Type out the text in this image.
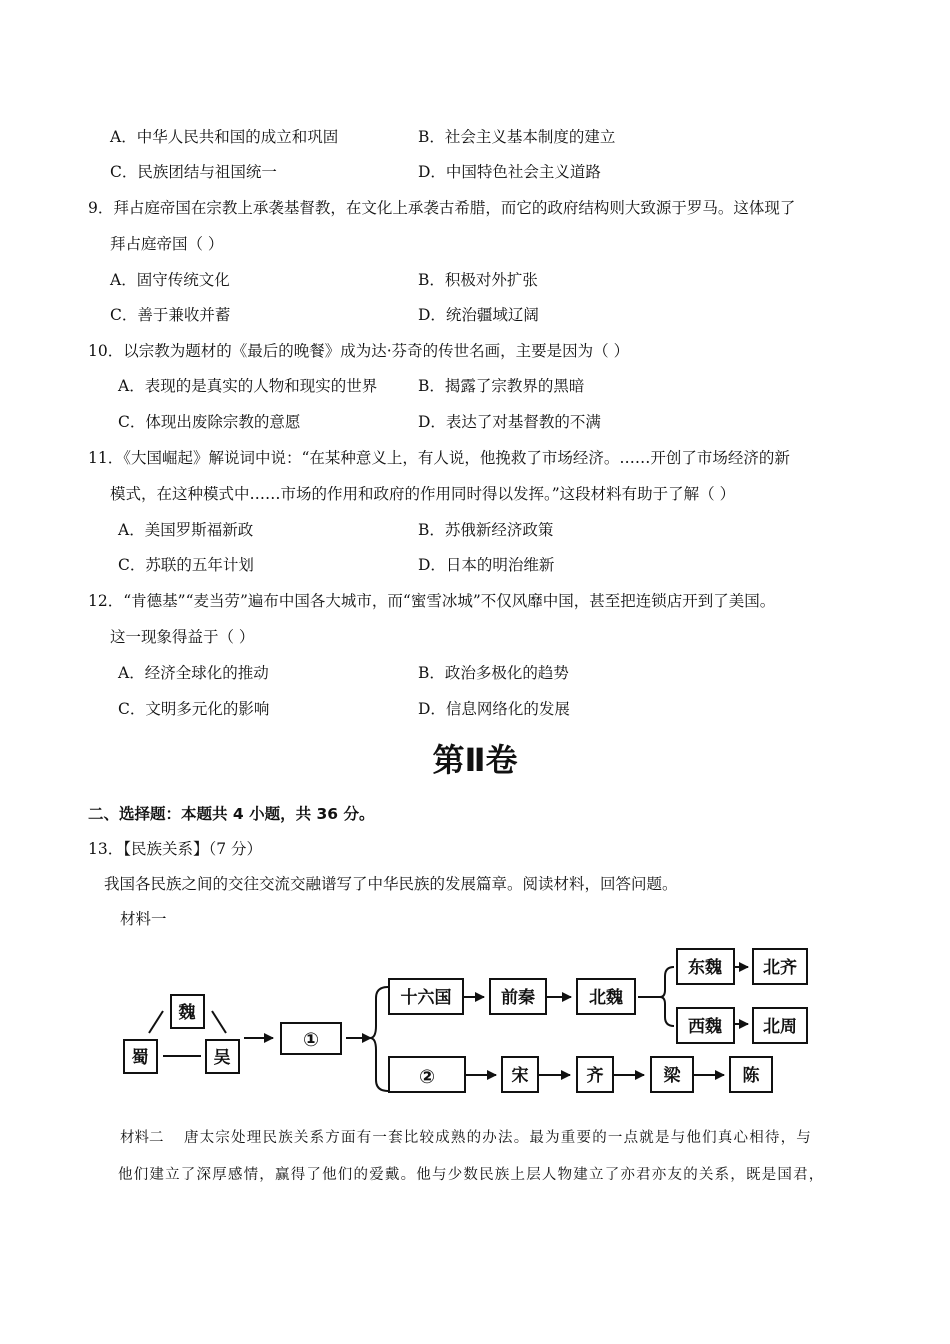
A．中华人民共和国的成立和巩固	B．社会主义基本制度的建立
C．民族团结与祖国统一	D．中国特色社会主义道路
9．拜占庭帝国在宗教上承袭基督教，在文化上承袭古希腊，而它的政府结构则大致源于罗马。这体现了
拜占庭帝国（ ）
A．固守传统文化	B．积极对外扩张
C．善于兼收并蓄	D．统治疆域辽阔
10．以宗教为题材的《最后的晚餐》成为达·芬奇的传世名画，主要是因为（ ）
A．表现的是真实的人物和现实的世界	B．揭露了宗教界的黑暗
C．体现出废除宗教的意愿	D．表达了对基督教的不满
11．《大国崛起》解说词中说：“在某种意义上，有人说，他挽救了市场经济。……开创了市场经济的新
模式，在这种模式中……市场的作用和政府的作用同时得以发挥。”这段材料有助于了解（ ）
A．美国罗斯福新政	B．苏俄新经济政策
C．苏联的五年计划	D．日本的明治维新
12．“肯德基”“麦当劳”遍布中国各大城市，而“蜜雪冰城”不仅风靡中国，甚至把连锁店开到了美国。
这一现象得益于（ ）
A．经济全球化的推动	B．政治多极化的趋势
C．文明多元化的影响	D．信息网络化的发展
第Ⅱ卷
二、选择题：本题共 4 小题，共 36 分。
13．【民族关系】（7 分）
我国各民族之间的交往交流交融谱写了中华民族的发展篇章。阅读材料，回答问题。
材料一
魏
蜀	吴
①
十六国	前秦	北魏
东魏 北齐
西魏 北周
②	宋	齐	梁	陈
材料二 唐太宗处理民族关系方面有一套比较成熟的办法。最为重要的一点就是与他们真心相待，与
他们建立了深厚感情，赢得了他们的爱戴。他与少数民族上层人物建立了亦君亦友的关系，既是国君，
